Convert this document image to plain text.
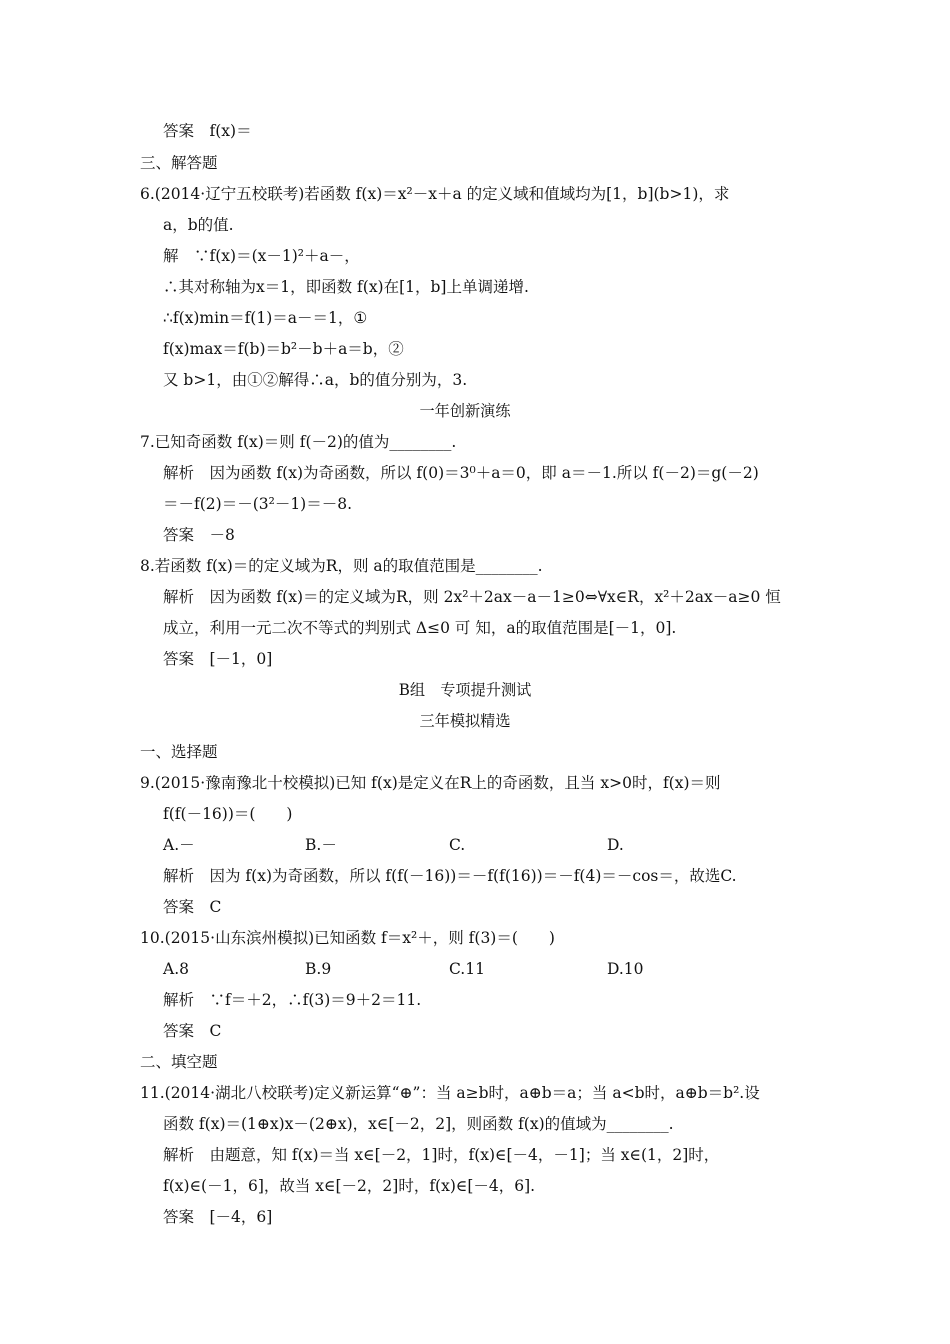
答案　f(x)＝
三、解答题
6.(2014·辽宁五校联考)若函数 f(x)＝x²－x＋a 的定义域和值域均为[1，b](b>1)，求
a，b的值.
解　∵f(x)＝(x－1)²＋a－，
∴其对称轴为x＝1，即函数 f(x)在[1，b]上单调递增.
∴f(x)min＝f(1)＝a－＝1，①
f(x)max＝f(b)＝b²－b＋a＝b，②
又 b>1，由①②解得∴a，b的值分别为，3.
一年创新演练
7.已知奇函数 f(x)＝则 f(－2)的值为________.
解析　因为函数 f(x)为奇函数，所以 f(0)＝3⁰＋a＝0，即 a＝－1.所以 f(－2)＝g(－2)
＝－f(2)＝－(3²－1)＝－8.
答案　－8
8.若函数 f(x)＝的定义域为R，则 a的取值范围是________.
解析　因为函数 f(x)＝的定义域为R，则 2x²＋2ax－a－1≥0⇔∀x∈R，x²＋2ax－a≥0 恒
成立，利用一元二次不等式的判别式 Δ≤0 可 知，a的取值范围是[－1，0].
答案　[－1，0]
B组　专项提升测试
三年模拟精选
一、选择题
9.(2015·豫南豫北十校模拟)已知 f(x)是定义在R上的奇函数，且当 x>0时，f(x)＝则
f(f(－16))＝(　　)
A.－	B.－	C.	D.
解析　因为 f(x)为奇函数，所以 f(f(－16))＝－f(f(16))＝－f(4)＝－cos＝，故选C.
答案　C
10.(2015·山东滨州模拟)已知函数 f＝x²＋，则 f(3)＝(　　)
A.8	B.9	C.11	D.10
解析　∵f＝＋2，∴f(3)＝9＋2＝11.
答案　C
二、填空题
11.(2014·湖北八校联考)定义新运算“⊕”：当 a≥b时，a⊕b＝a；当 a<b时，a⊕b＝b².设
函数 f(x)＝(1⊕x)x－(2⊕x)，x∈[－2，2]，则函数 f(x)的值域为________.
解析　由题意，知 f(x)＝当 x∈[－2，1]时，f(x)∈[－4，－1]；当 x∈(1，2]时，
f(x)∈(－1，6]，故当 x∈[－2，2]时，f(x)∈[－4，6].
答案　[－4，6]
